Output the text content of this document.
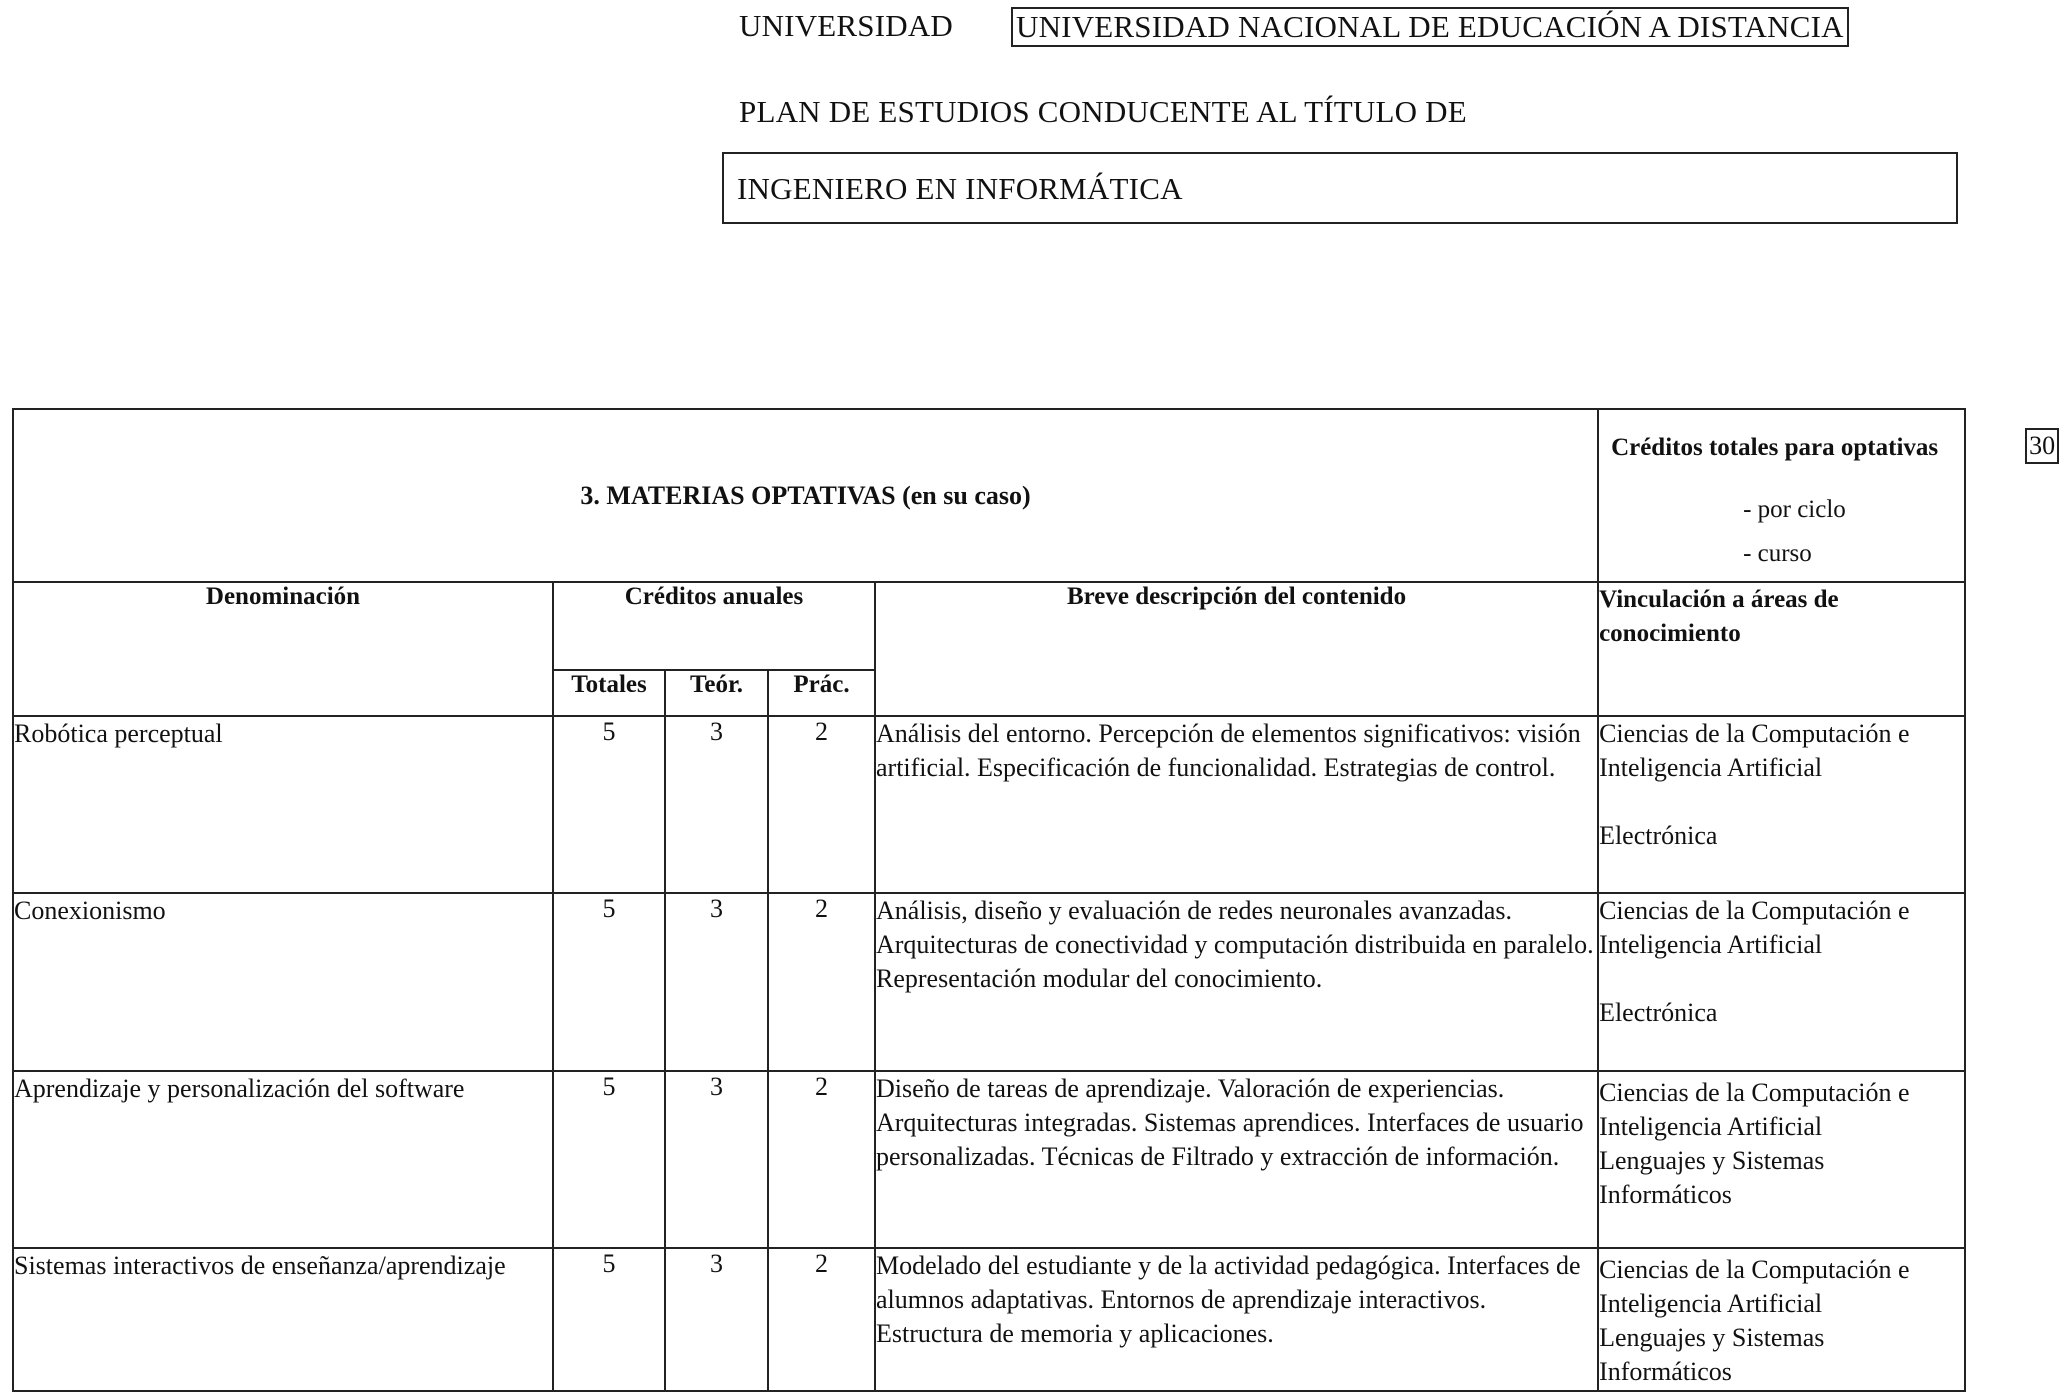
UNIVERSIDAD UNIVERSIDAD NACIONAL DE EDUCACIÓN A DISTANCIA
PLAN DE ESTUDIOS CONDUCENTE AL TÍTULO DE
INGENIERO EN INFORMÁTICA
3. MATERIAS OPTATIVAS (en su caso)					Créditos totales para optativas 30
- por ciclo
- curso

Denominación	Créditos anuales			Breve descripción del contenido	Vinculación a áreas de conocimiento
	Totales	Teór.	Prác.		
Robótica perceptual	5	3	2	Análisis del entorno. Percepción de elementos significativos: visión artificial. Especificación de funcionalidad. Estrategias de control.	Ciencias de la Computación e
Inteligencia Artificial
Electrónica

Conexionismo	5	3	2	Análisis, diseño y evaluación de redes neuronales avanzadas. Arquitecturas de conectividad y computación distribuida en paralelo. Representación modular del conocimiento.	Ciencias de la Computación e
Inteligencia Artificial
Electrónica

Aprendizaje y personalización del software	5	3	2	Diseño de tareas de aprendizaje. Valoración de experiencias. Arquitecturas integradas. Sistemas aprendices. Interfaces de usuario personalizadas. Técnicas de Filtrado y extracción de información.	Ciencias de la Computación e
Inteligencia Artificial
Lenguajes y Sistemas
Informáticos

Sistemas interactivos de enseñanza/aprendizaje	5	3	2	Modelado del estudiante y de la actividad pedagógica. Interfaces de alumnos adaptativas. Entornos de aprendizaje interactivos. Estructura de memoria y aplicaciones.	Ciencias de la Computación e
Inteligencia Artificial
Lenguajes y Sistemas
Informáticos
